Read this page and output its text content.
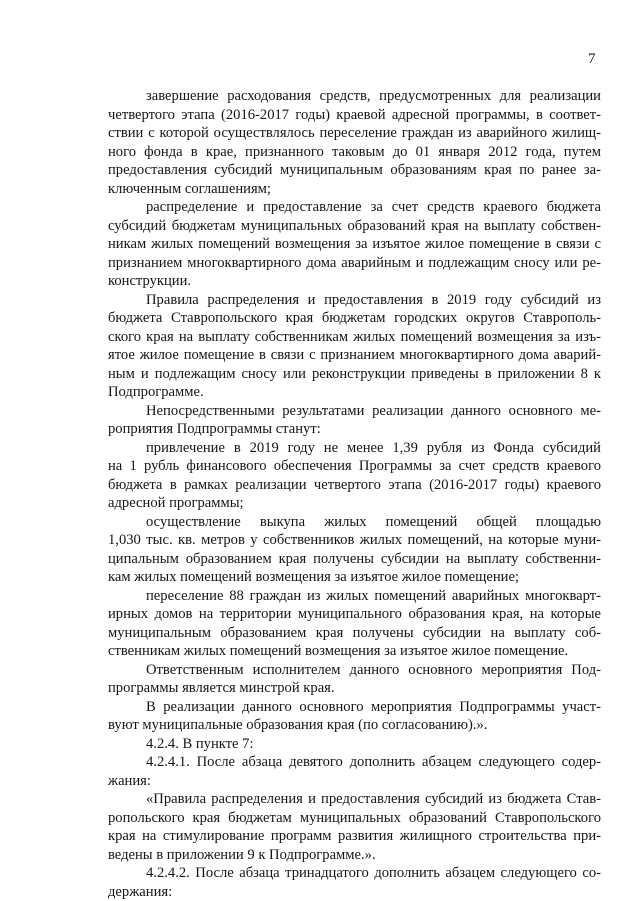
7
завершение расходования средств, предусмотренных для реализации
четвертого этапа (2016-2017 годы) краевой адресной программы, в соответ-
ствии с которой осуществлялось переселение граждан из аварийного жилищ-
ного фонда в крае, признанного таковым до 01 января 2012 года, путем
предоставления субсидий муниципальным образованиям края по ранее за-
ключенным соглашениям;
распределение и предоставление за счет средств краевого бюджета
субсидий бюджетам муниципальных образований края на выплату собствен-
никам жилых помещений возмещения за изъятое жилое помещение в связи с
признанием многоквартирного дома аварийным и подлежащим сносу или ре-
конструкции.
Правила распределения и предоставления в 2019 году субсидий из
бюджета Ставропольского края бюджетам городских округов Ставрополь-
ского края на выплату собственникам жилых помещений возмещения за изъ-
ятое жилое помещение в связи с признанием многоквартирного дома аварий-
ным и подлежащим сносу или реконструкции приведены в приложении 8 к
Подпрограмме.
Непосредственными результатами реализации данного основного ме-
роприятия Подпрограммы станут:
привлечение в 2019 году не менее 1,39 рубля из Фонда субсидий
на 1 рубль финансового обеспечения Программы за счет средств краевого
бюджета в рамках реализации четвертого этапа (2016-2017 годы) краевого
адресной программы;
осуществление выкупа жилых помещений общей площадью
1,030 тыс. кв. метров у собственников жилых помещений, на которые муни-
ципальным образованием края получены субсидии на выплату собственни-
кам жилых помещений возмещения за изъятое жилое помещение;
переселение 88 граждан из жилых помещений аварийных многокварт-
ирных домов на территории муниципального образования края, на которые
муниципальным образованием края получены субсидии на выплату соб-
ственникам жилых помещений возмещения за изъятое жилое помещение.
Ответственным исполнителем данного основного мероприятия Под-
программы является минстрой края.
В реализации данного основного мероприятия Подпрограммы участ-
вуют муниципальные образования края (по согласованию).».
4.2.4. В пункте 7:
4.2.4.1. После абзаца девятого дополнить абзацем следующего содер-
жания:
«Правила распределения и предоставления субсидий из бюджета Став-
ропольского края бюджетам муниципальных образований Ставропольского
края на стимулирование программ развития жилищного строительства при-
ведены в приложении 9 к Подпрограмме.».
4.2.4.2. После абзаца тринадцатого дополнить абзацем следующего со-
держания:
